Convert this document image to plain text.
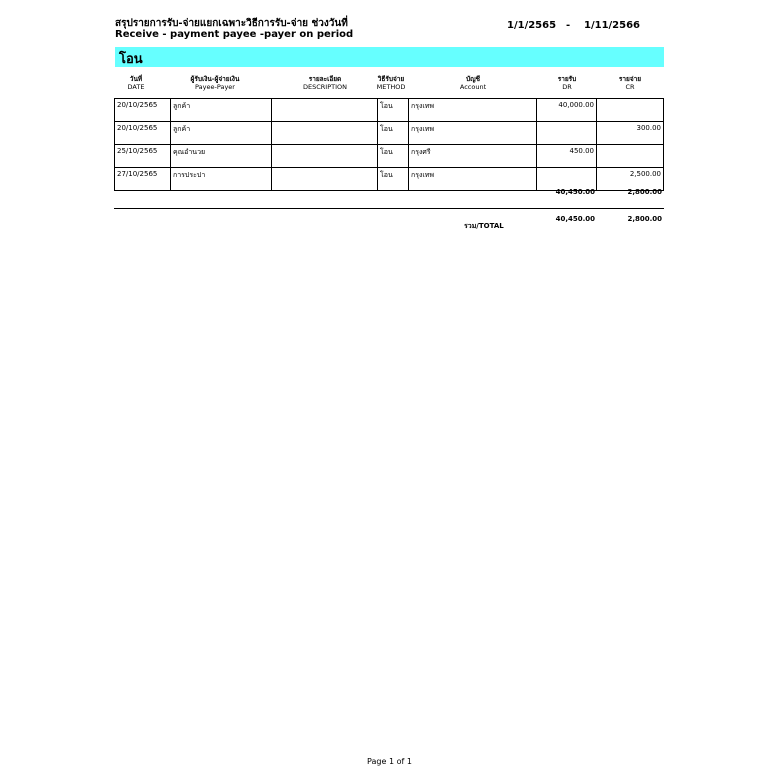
สรุปรายการรับ-จ่ายแยกเฉพาะวิธีการรับ-จ่าย ช่วงวันที่
Receive - payment payee -payer on period
1/1/2565 - 1/11/2566
โอน
วันที่
DATE
ผู้รับเงิน-ผู้จ่ายเงิน
Payee-Payer
รายละเอียด
DESCRIPTION
วิธีรับจ่าย
METHOD
บัญชี
Account
รายรับ
DR
รายจ่าย
CR
20/10/2565	ลูกค้า		โอน	กรุงเทพ	40,000.00	
20/10/2565	ลูกค้า		โอน	กรุงเทพ		300.00
25/10/2565	คุณอำนวย		โอน	กรุงศรี	450.00	
27/10/2565	การประปา		โอน	กรุงเทพ		2,500.00
40,450.00	2,800.00
รวม/TOTAL
40,450.00	2,800.00
Page 1 of 1
